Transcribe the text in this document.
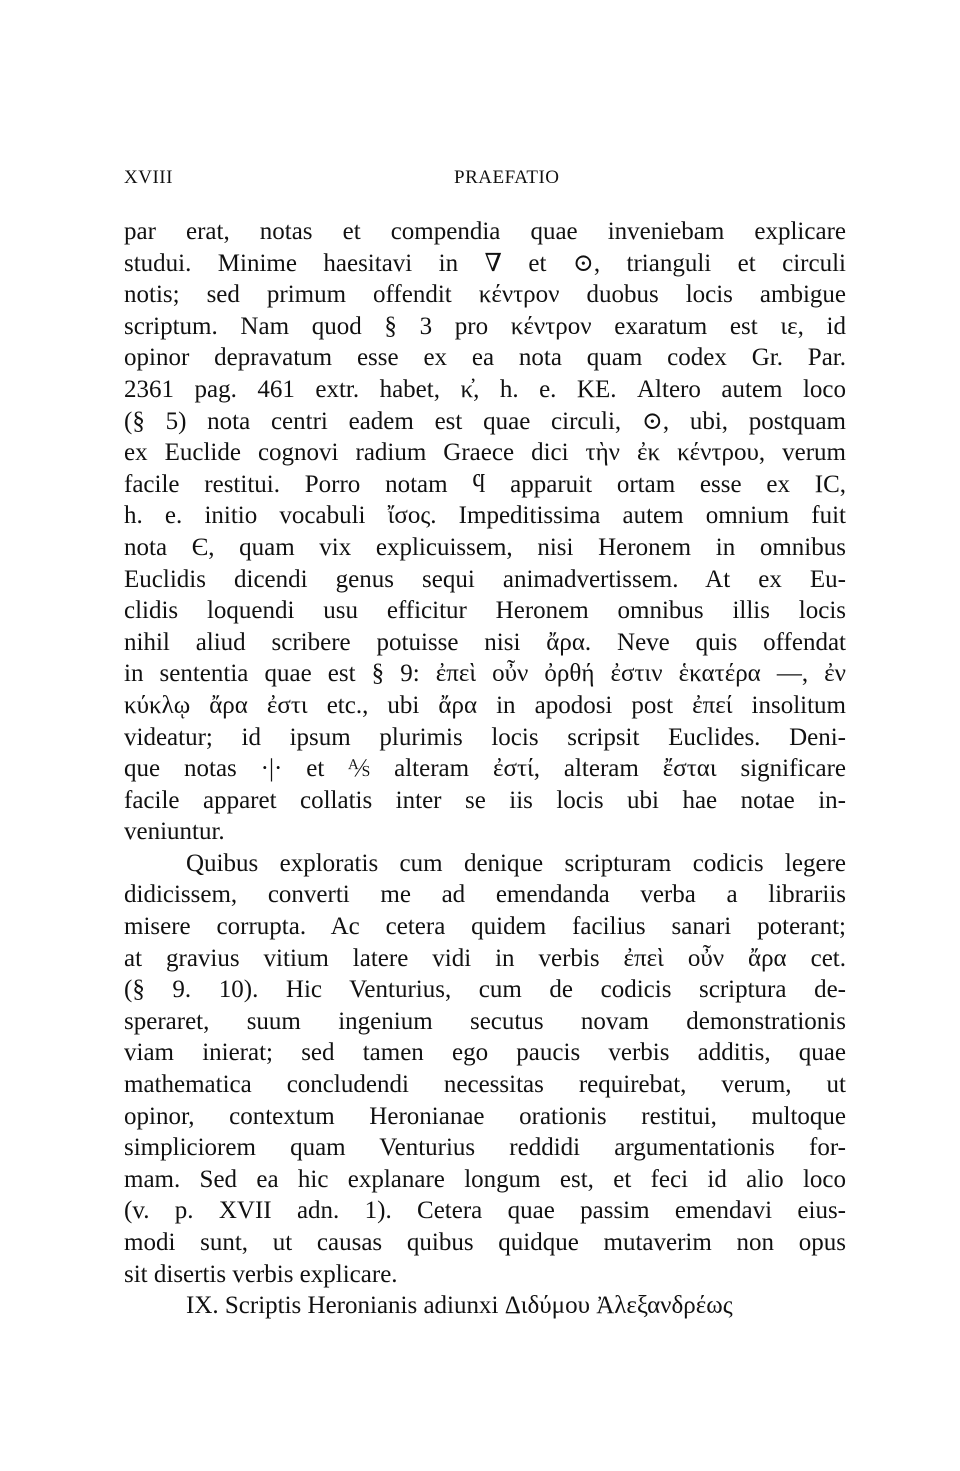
XVIII	PRAEFATIO
par erat, notas et compendia quae inveniebam explicare
studui. Minime haesitavi in ∇ et ⊙, trianguli et circuli
notis; sed primum offendit κέντρον duobus locis ambigue
scriptum. Nam quod § 3 pro κέντρον exaratum est ιε, id
opinor depravatum esse ex ea nota quam codex Gr. Par.
2361 pag. 461 extr. habet, κ̓, h. e. ΚΕ. Altero autem loco
(§ 5) nota centri eadem est quae circuli, ⊙, ubi, postquam
ex Euclide cognovi radium Graece dici τὴν ἐκ κέντρου, verum
facile restitui. Porro notam ϥ apparuit ortam esse ex ΙC,
h. e. initio vocabuli ἴσος. Impeditissima autem omnium fuit
nota Є, quam vix explicuissem, nisi Heronem in omnibus
Euclidis dicendi genus sequi animadvertissem. At ex Eu-
clidis loquendi usu efficitur Heronem omnibus illis locis
nihil aliud scribere potuisse nisi ἄρα. Neve quis offendat
in sententia quae est § 9: ἐπεὶ οὖν ὀρθή ἐστιν ἑκατέρα —, ἐν
κύκλῳ ἄρα ἐστι etc., ubi ἄρα in apodosi post ἐπεί insolitum
videatur; id ipsum plurimis locis scripsit Euclides. Deni-
que notas ·|· et ⅍ alteram ἐστί, alteram ἔσται significare
facile apparet collatis inter se iis locis ubi hae notae in-
veniuntur.
Quibus exploratis cum denique scripturam codicis legere
didicissem, converti me ad emendanda verba a librariis
misere corrupta. Ac cetera quidem facilius sanari poterant;
at gravius vitium latere vidi in verbis ἐπεὶ οὖν ἄρα cet.
(§ 9. 10). Hic Venturius, cum de codicis scriptura de-
speraret, suum ingenium secutus novam demonstrationis
viam inierat; sed tamen ego paucis verbis additis, quae
mathematica concludendi necessitas requirebat, verum, ut
opinor, contextum Heronianae orationis restitui, multoque
simpliciorem quam Venturius reddidi argumentationis for-
mam. Sed ea hic explanare longum est, et feci id alio loco
(v. p. XVII adn. 1). Cetera quae passim emendavi eius-
modi sunt, ut causas quibus quidque mutaverim non opus
sit disertis verbis explicare.
IX. Scriptis Heronianis adiunxi Διδύμου Ἀλεξανδρέως
